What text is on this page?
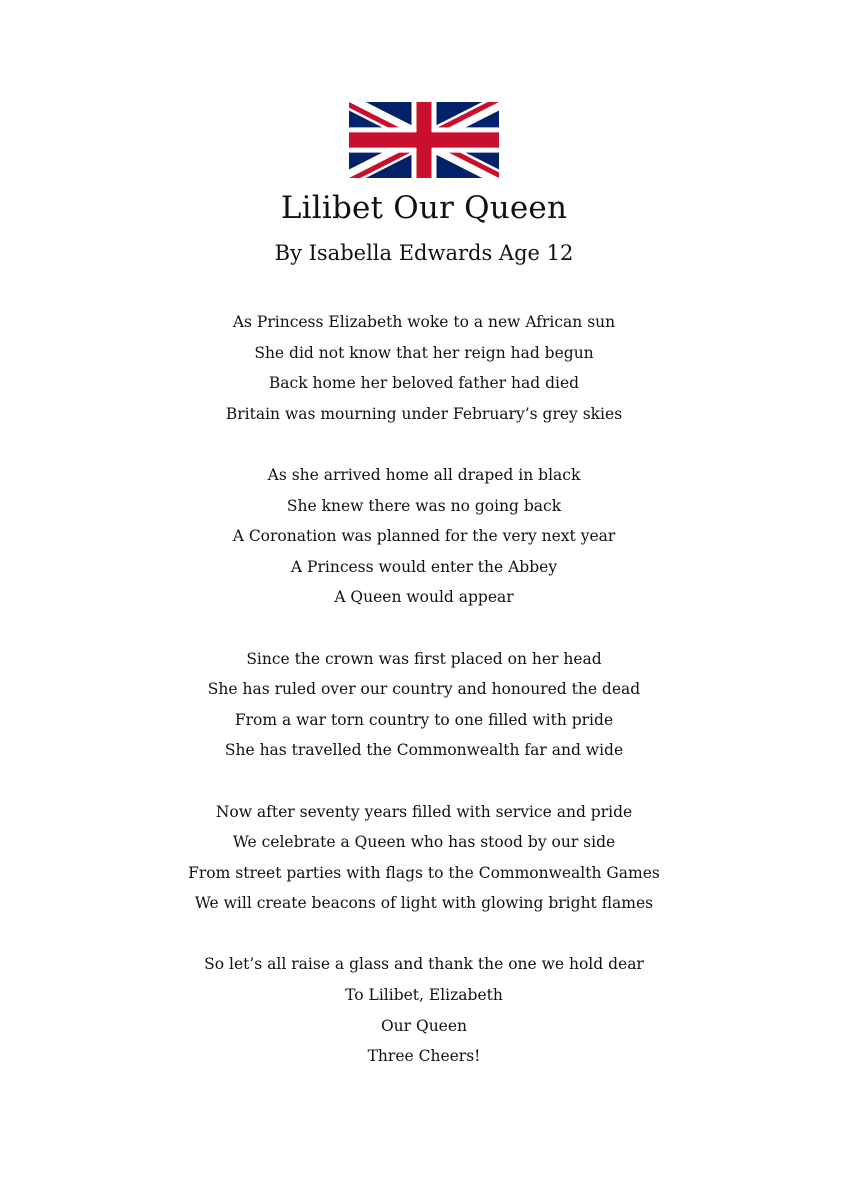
Lilibet Our Queen
By Isabella Edwards Age 12
As Princess Elizabeth woke to a new African sun
She did not know that her reign had begun
Back home her beloved father had died
Britain was mourning under February’s grey skies
As she arrived home all draped in black
She knew there was no going back
A Coronation was planned for the very next year
A Princess would enter the Abbey
A Queen would appear
Since the crown was first placed on her head
She has ruled over our country and honoured the dead
From a war torn country to one filled with pride
She has travelled the Commonwealth far and wide
Now after seventy years filled with service and pride
We celebrate a Queen who has stood by our side
From street parties with flags to the Commonwealth Games
We will create beacons of light with glowing bright flames
So let’s all raise a glass and thank the one we hold dear
To Lilibet, Elizabeth
Our Queen
Three Cheers!
